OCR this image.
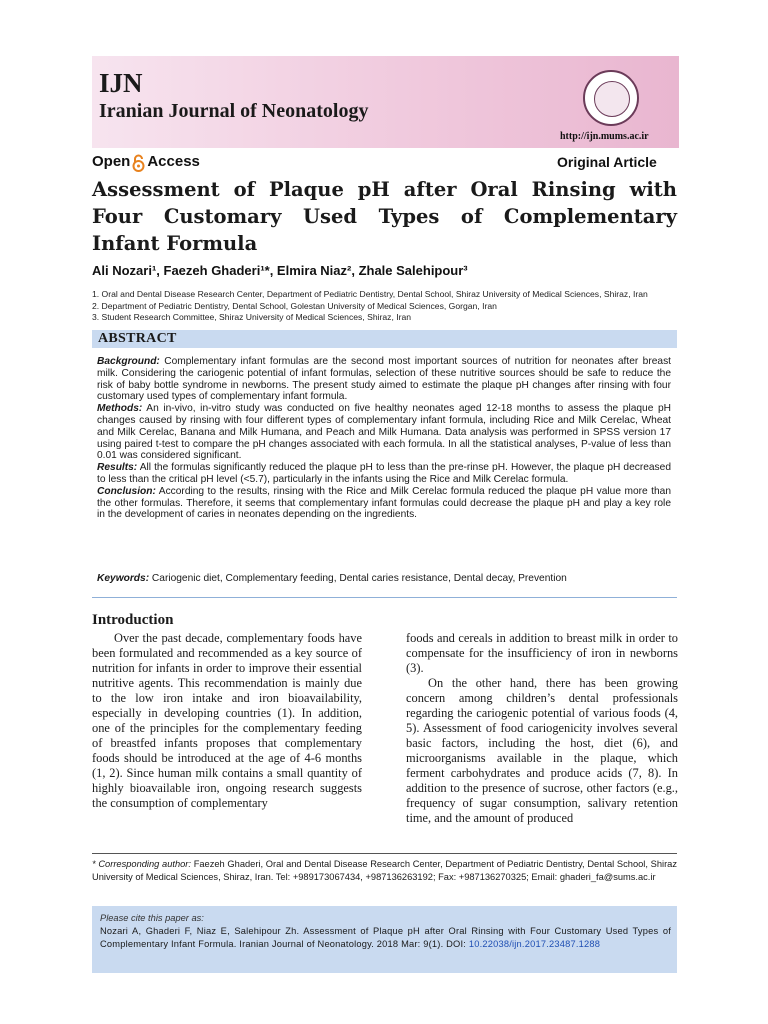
IJN
Iranian Journal of Neonatology
http://ijn.mums.ac.ir
Open Access	Original Article
Assessment of Plaque pH after Oral Rinsing with Four Customary Used Types of Complementary Infant Formula
Ali Nozari¹, Faezeh Ghaderi¹*, Elmira Niaz², Zhale Salehipour³
1. Oral and Dental Disease Research Center, Department of Pediatric Dentistry, Dental School, Shiraz University of Medical Sciences, Shiraz, Iran
2. Department of Pediatric Dentistry, Dental School, Golestan University of Medical Sciences, Gorgan, Iran
3. Student Research Committee, Shiraz University of Medical Sciences, Shiraz, Iran
ABSTRACT

Background: Complementary infant formulas are the second most important sources of nutrition for neonates after breast milk. Considering the cariogenic potential of infant formulas, selection of these nutritive sources should be safe to reduce the risk of baby bottle syndrome in newborns. The present study aimed to estimate the plaque pH changes after rinsing with four customary used types of complementary infant formula.

Methods: An in-vivo, in-vitro study was conducted on five healthy neonates aged 12-18 months to assess the plaque pH changes caused by rinsing with four different types of complementary infant formula, including Rice and Milk Cerelac, Wheat and Milk Cerelac, Banana and Milk Humana, and Peach and Milk Humana. Data analysis was performed in SPSS version 17 using paired t-test to compare the pH changes associated with each formula. In all the statistical analyses, P-value of less than 0.01 was considered significant.

Results: All the formulas significantly reduced the plaque pH to less than the pre-rinse pH. However, the plaque pH decreased to less than the critical pH level (<5.7), particularly in the infants using the Rice and Milk Cerelac formula.

Conclusion: According to the results, rinsing with the Rice and Milk Cerelac formula reduced the plaque pH value more than the other formulas. Therefore, it seems that complementary infant formulas could decrease the plaque pH and play a key role in the development of caries in neonates depending on the ingredients.

Keywords: Cariogenic diet, Complementary feeding, Dental caries resistance, Dental decay, Prevention
Introduction

Over the past decade, complementary foods have been formulated and recommended as a key source of nutrition for infants in order to improve their essential nutritive agents. This recommendation is mainly due to the low iron intake and iron bioavailability, especially in developing countries (1). In addition, one of the principles for the complementary feeding of breastfed infants proposes that complementary foods should be introduced at the age of 4-6 months (1, 2). Since human milk contains a small quantity of highly bioavailable iron, ongoing research suggests the consumption of complementary

foods and cereals in addition to breast milk in order to compensate for the insufficiency of iron in newborns (3).

On the other hand, there has been growing concern among children’s dental professionals regarding the cariogenic potential of various foods (4, 5). Assessment of food cariogenicity involves several basic factors, including the host, diet (6), and microorganisms available in the plaque, which ferment carbohydrates and produce acids (7, 8). In addition to the presence of sucrose, other factors (e.g., frequency of sugar consumption, salivary retention time, and the amount of produced

* Corresponding author: Faezeh Ghaderi, Oral and Dental Disease Research Center, Department of Pediatric Dentistry, Dental School, Shiraz University of Medical Sciences, Shiraz, Iran. Tel: +989173067434, +987136263192; Fax: +987136270325; Email: ghaderi_fa@sums.ac.ir
Please cite this paper as:
Nozari A, Ghaderi F, Niaz E, Salehipour Zh. Assessment of Plaque pH after Oral Rinsing with Four Customary Used Types of Complementary Infant Formula. Iranian Journal of Neonatology. 2018 Mar: 9(1). DOI: 10.22038/ijn.2017.23487.1288
